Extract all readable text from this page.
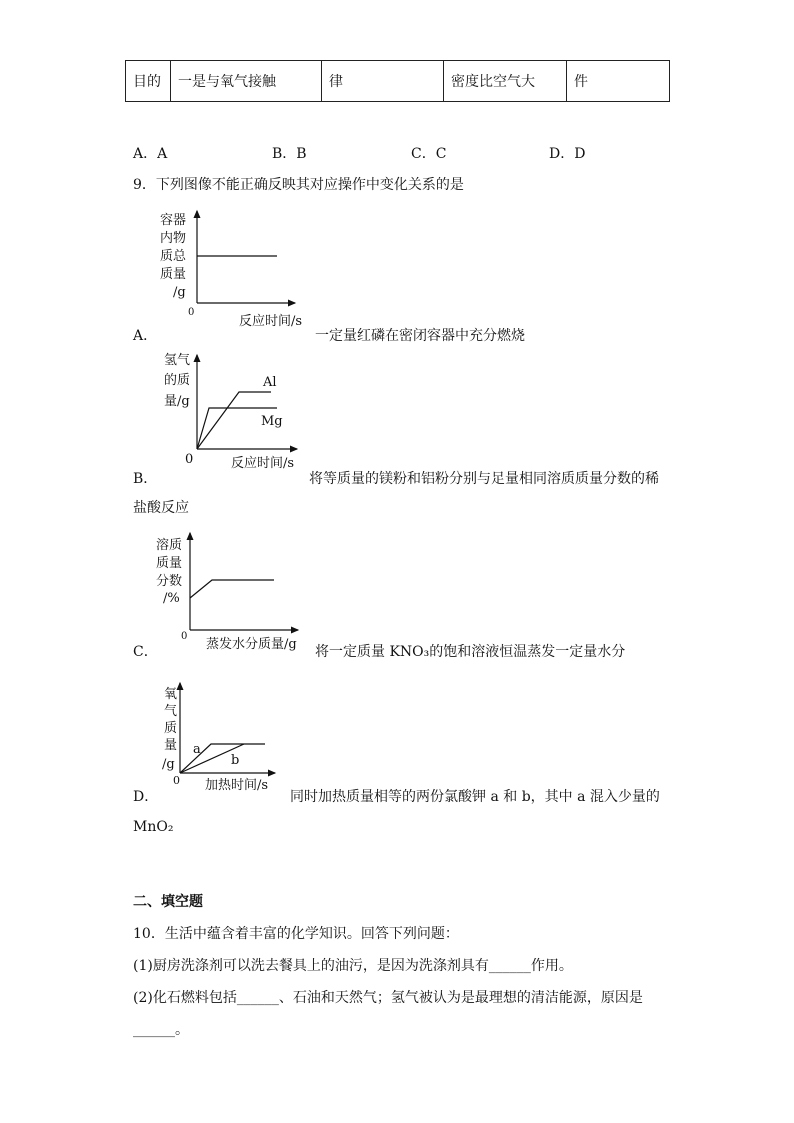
目的	一是与氧气接触	律	密度比空气大	件
A．A	B．B	C．C	D．D
9．下列图像不能正确反映其对应操作中变化关系的是
容器
内物
质总
质量
/g
0
反应时间/s
A．	一定量红磷在密闭容器中充分燃烧
Al
Mg
氢气
的质
量/g
0	反应时间/s
B．	将等质量的镁粉和铝粉分别与足量相同溶质质量分数的稀
盐酸反应
溶质
质量
分数
/%
0
蒸发水分质量/g
C．	将一定质量 KNO₃的饱和溶液恒温蒸发一定量水分
a
b
氧
气
质
量
/g
0 加热时间/s
D．	同时加热质量相等的两份氯酸钾 a 和 b，其中 a 混入少量的
MnO₂
二、填空题
10．生活中蕴含着丰富的化学知识。回答下列问题：
(1)厨房洗涤剂可以洗去餐具上的油污，是因为洗涤剂具有______作用。
(2)化石燃料包括______、石油和天然气；氢气被认为是最理想的清洁能源，原因是
______。
